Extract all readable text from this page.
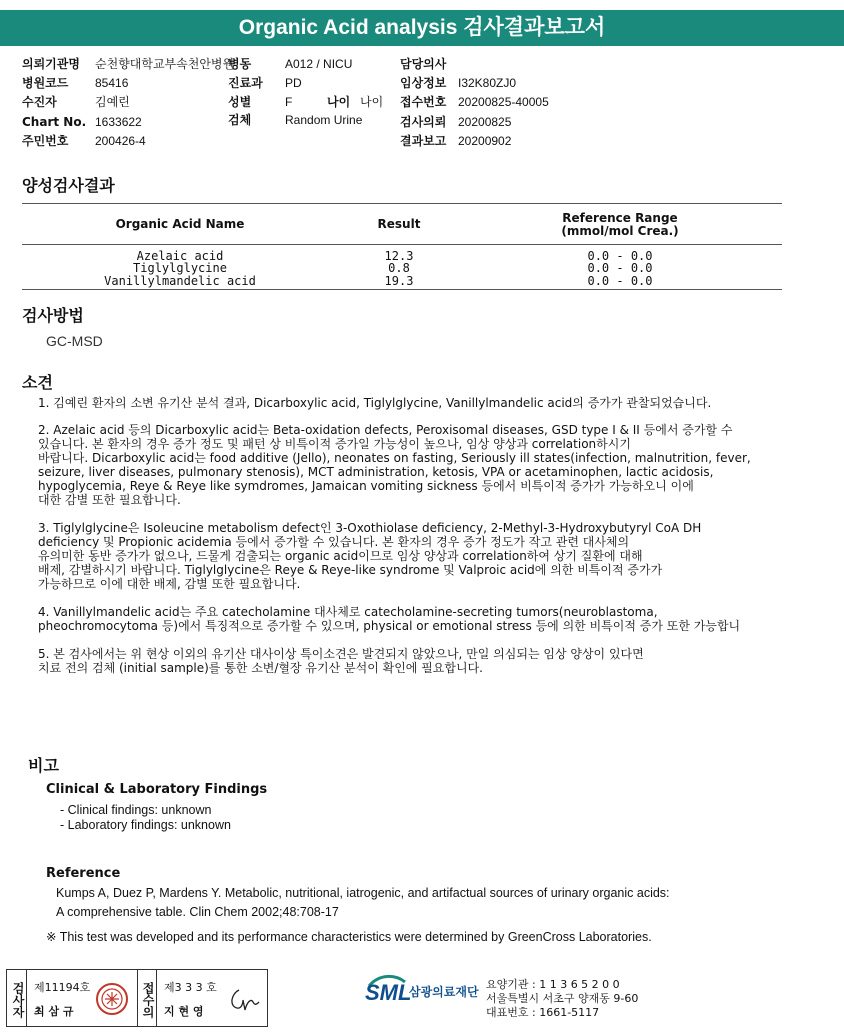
Organic Acid analysis 검사결과보고서
의뢰기관명 순천향대학교부속천안병원
병동	A012 / NICU	담당의사
병원코드 85416	진료과 PD	임상정보 I32K80ZJ0
수진자	김예린	성별	F	나이 나이 접수번호 20200825-40005
Chart No. 1633622	검체	Random Urine	검사의뢰 20200825
주민번호 200426-4	결과보고 20200902
양성검사결과
Organic Acid Name	Result	Reference Range
(mmol/mol Crea.)
Azelaic acid	12.3	0.0 - 0.0
Tiglylglycine	0.8	0.0 - 0.0
Vanillylmandelic acid	19.3	0.0 - 0.0
검사방법
GC-MSD
소견
1. 김예린 환자의 소변 유기산 분석 결과, Dicarboxylic acid, Tiglylglycine, Vanillylmandelic acid의 증가가 관찰되었습니다.
2. Azelaic acid 등의 Dicarboxylic acid는 Beta-oxidation defects, Peroxisomal diseases, GSD type I & II 등에서 증가할 수
있습니다. 본 환자의 경우 증가 정도 및 패턴 상 비특이적 증가일 가능성이 높으나, 임상 양상과 correlation하시기
바랍니다. Dicarboxylic acid는 food additive (Jello), neonates on fasting, Seriously ill states(infection, malnutrition, fever,
seizure, liver diseases, pulmonary stenosis), MCT administration, ketosis, VPA or acetaminophen, lactic acidosis,
hypoglycemia, Reye & Reye like symdromes, Jamaican vomiting sickness 등에서 비특이적 증가가 가능하오니 이에
대한 감별 또한 필요합니다.
3. Tiglylglycine은 Isoleucine metabolism defect인 3-Oxothiolase deficiency, 2-Methyl-3-Hydroxybutyryl CoA DH
deficiency 및 Propionic acidemia 등에서 증가할 수 있습니다. 본 환자의 경우 증가 정도가 작고 관련 대사체의
유의미한 동반 증가가 없으나, 드물게 검출되는 organic acid이므로 임상 양상과 correlation하여 상기 질환에 대해
배제, 감별하시기 바랍니다. Tiglylglycine은 Reye & Reye-like syndrome 및 Valproic acid에 의한 비특이적 증가가
가능하므로 이에 대한 배제, 감별 또한 필요합니다.
4. Vanillylmandelic acid는 주요 catecholamine 대사체로 catecholamine-secreting tumors(neuroblastoma,
pheochromocytoma 등)에서 특징적으로 증가할 수 있으며, physical or emotional stress 등에 의한 비특이적 증가 또한 가능합니
5. 본 검사에서는 위 현상 이외의 유기산 대사이상 특이소견은 발견되지 않았으나, 만일 의심되는 임상 양상이 있다면
치료 전의 검체 (initial sample)를 통한 소변/혈장 유기산 분석이 확인에 필요합니다.
비고
Clinical & Laboratory Findings
- Clinical findings: unknown
- Laboratory findings: unknown
Reference
Kumps A, Duez P, Mardens Y. Metabolic, nutritional, iatrogenic, and artifactual sources of urinary organic acids:
A comprehensive table. Clin Chem 2002;48:708-17
※ This test was developed and its performance characteristics were determined by GreenCross Laboratories.
검사자 제11194호
최 삼 규	접수의 제3 3 3 호
지 현 영
SML
삼광의료재단
요양기관 : 1 1 3 6 5 2 0 0
서울특별시 서초구 양재동 9-60
대표번호 : 1661-5117
